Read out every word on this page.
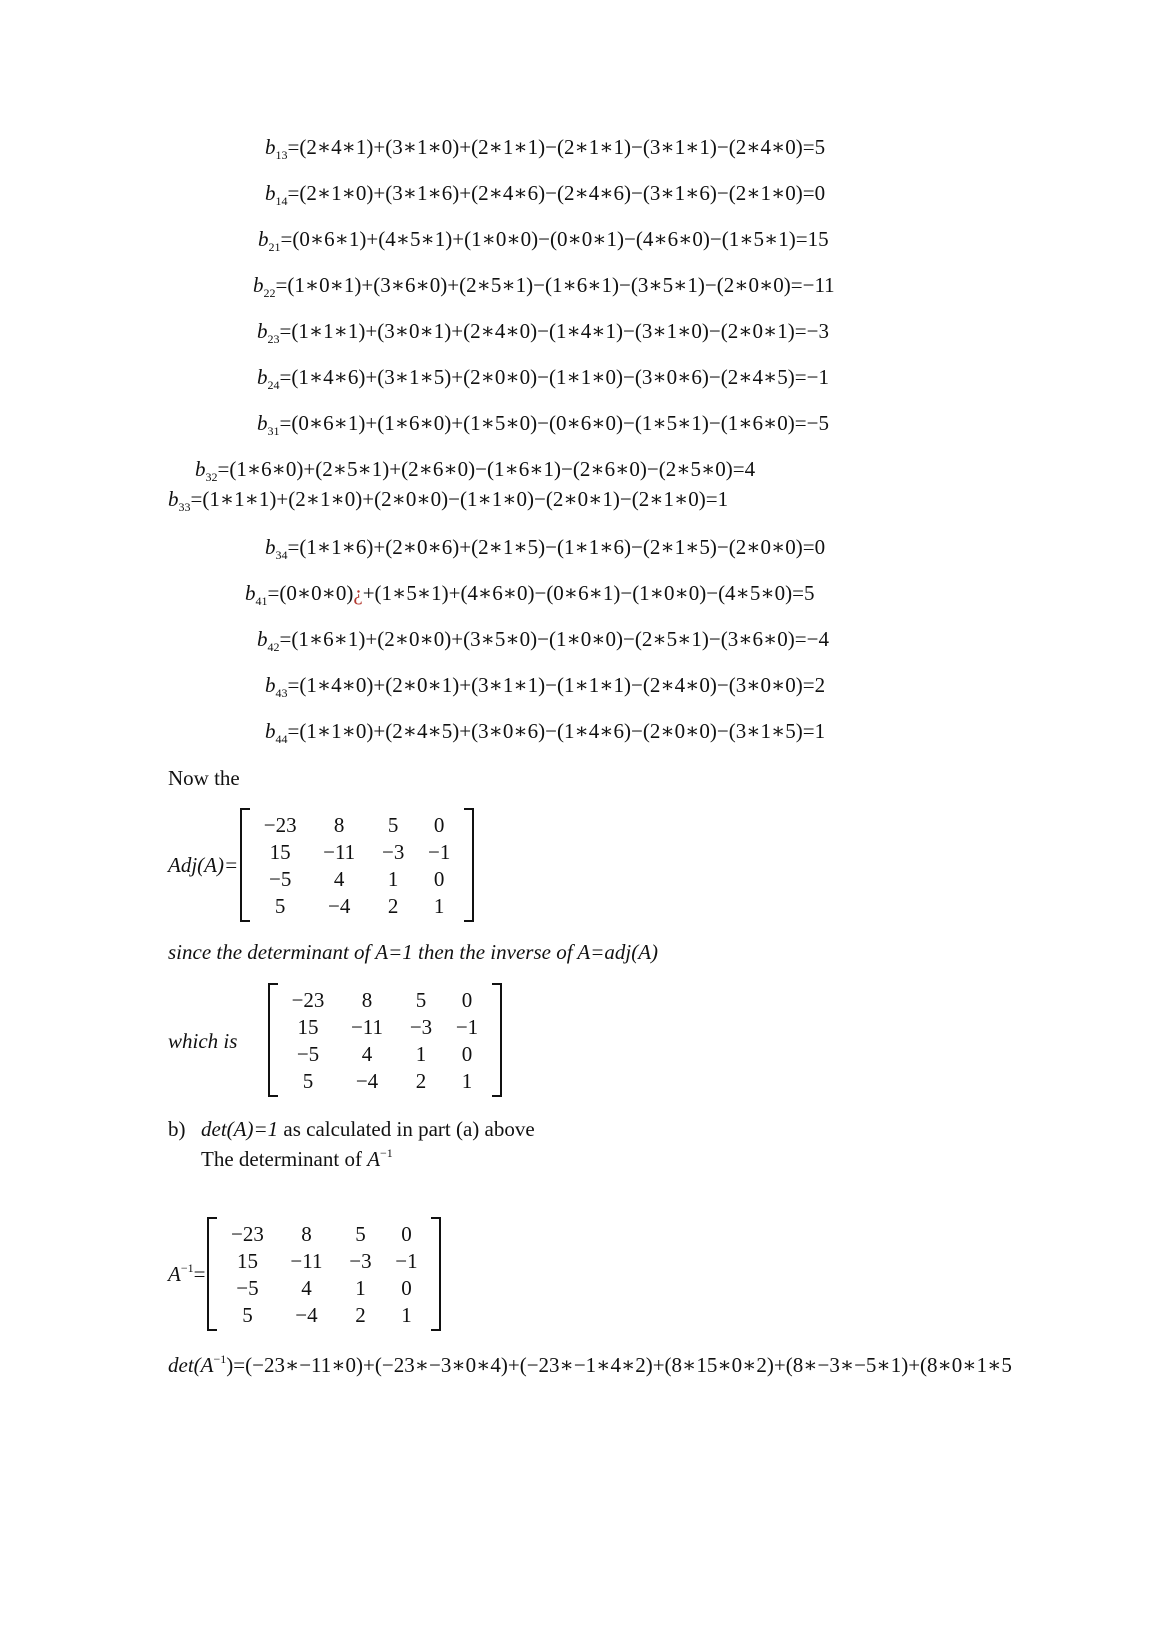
$b_{13}=(2∗4∗1)+(3∗1∗0)+(2∗1∗1)-(2∗1∗1)-(3∗1∗1)-(2∗4∗0)=5$
$b_{14}=(2∗1∗0)+(3∗1∗6)+(2∗4∗6)-(2∗4∗6)-(3∗1∗6)-(2∗1∗0)=0$
$b_{21}=(0∗6∗1)+(4∗5∗1)+(1∗0∗0)-(0∗0∗1)-(4∗6∗0)-(1∗5∗1)=15$
$b_{22}=(1∗0∗1)+(3∗6∗0)+(2∗5∗1)-(1∗6∗1)-(3∗5∗1)-(2∗0∗0)=-11$
$b_{23}=(1∗1∗1)+(3∗0∗1)+(2∗4∗0)-(1∗4∗1)-(3∗1∗0)-(2∗0∗1)=-3$
$b_{24}=(1∗4∗6)+(3∗1∗5)+(2∗0∗0)-(1∗1∗0)-(3∗0∗6)-(2∗4∗5)=-1$
$b_{31}=(0∗6∗1)+(1∗6∗0)+(1∗5∗0)-(0∗6∗0)-(1∗5∗1)-(1∗6∗0)=-5$
$b_{32}=(1∗6∗0)+(2∗5∗1)+(2∗6∗0)-(1∗6∗1)-(2∗6∗0)-(2∗5∗0)=4$
$b_{33}=(1∗1∗1)+(2∗1∗0)+(2∗0∗0)-(1∗1∗0)-(2∗0∗1)-(2∗1∗0)=1$
$b_{34}=(1∗1∗6)+(2∗0∗6)+(2∗1∗5)-(1∗1∗6)-(2∗1∗5)-(2∗0∗0)=0$
$b_{41}=(0∗0∗0)¿+(1∗5∗1)+(4∗6∗0)-(0∗6∗1)-(1∗0∗0)-(4∗5∗0)=5$
$b_{42}=(1∗6∗1)+(2∗0∗0)+(3∗5∗0)-(1∗0∗0)-(2∗5∗1)-(3∗6∗0)=-4$
$b_{43}=(1∗4∗0)+(2∗0∗1)+(3∗1∗1)-(1∗1∗1)-(2∗4∗0)-(3∗0∗0)=2$
$b_{44}=(1∗1∗0)+(2∗4∗5)+(3∗0∗6)-(1∗4∗6)-(2∗0∗0)-(3∗1∗5)=1$
Now the
Adj(A)=
−23	8	5	0
15	−11	−3	−1
−5	4	1	0
5	−4	2	1
since the determinant of A=1 then the inverse of A=adj(A)
which is
−23	8	5	0
15	−11	−3	−1
−5	4	1	0
5	−4	2	1
b) det(A)=1 as calculated in part (a) above
The determinant of $A^{-1}$
$A^{-1}=$
−23	8	5	0
15	−11	−3	−1
−5	4	1	0
5	−4	2	1
$\det(A^{-1})=(-23∗-11∗0)+(-23∗-3∗0∗4)+(-23∗-1∗4∗2)+(8∗15∗0∗2)+(8∗-3∗-5∗1)+(8∗0∗1∗5$
